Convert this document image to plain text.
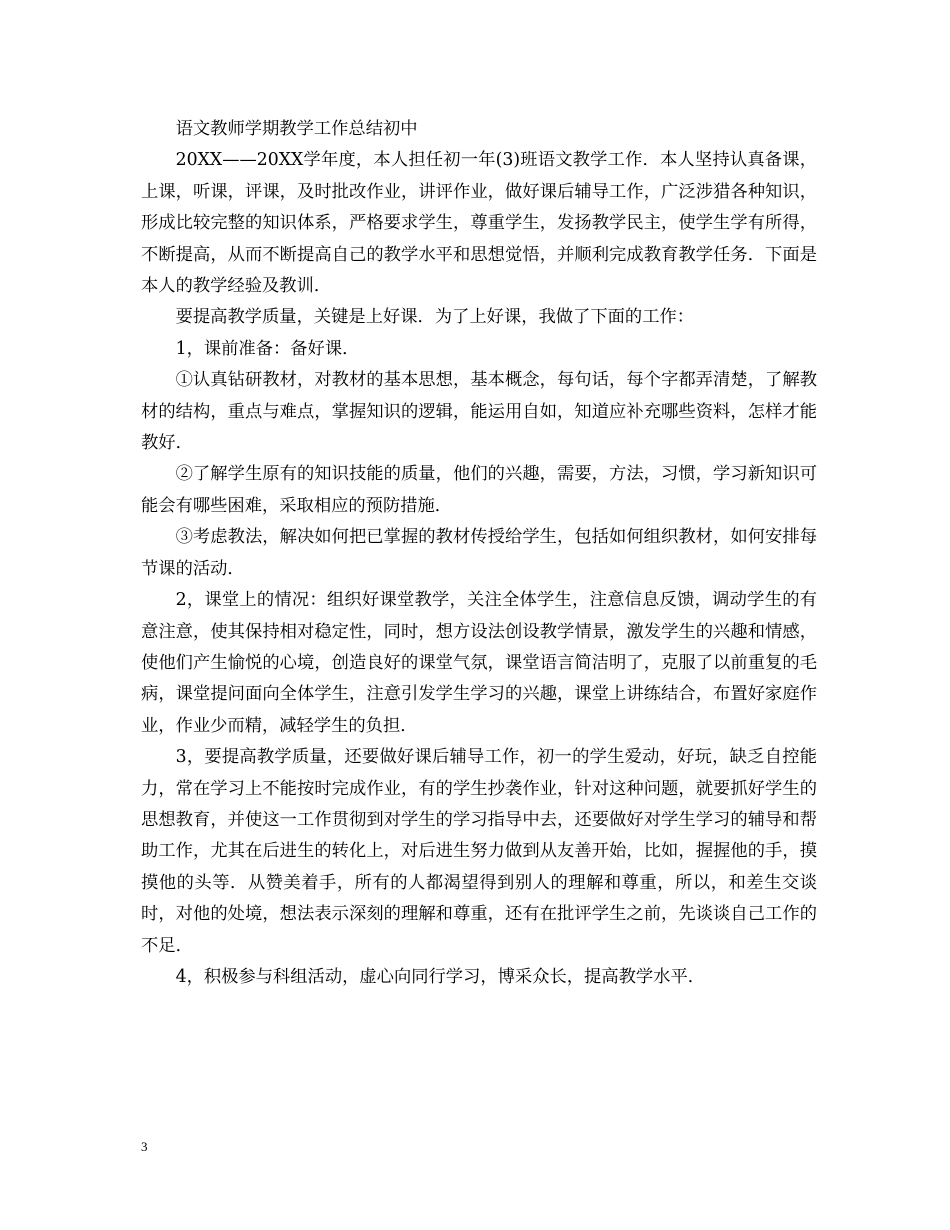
语文教师学期教学工作总结初中

20XX——20XX学年度，本人担任初一年(3)班语文教学工作．本人坚持认真备课，上课，听课，评课，及时批改作业，讲评作业，做好课后辅导工作，广泛涉猎各种知识，形成比较完整的知识体系，严格要求学生，尊重学生，发扬教学民主，使学生学有所得，不断提高，从而不断提高自己的教学水平和思想觉悟，并顺利完成教育教学任务．下面是本人的教学经验及教训．

要提高教学质量，关键是上好课．为了上好课，我做了下面的工作：

1，课前准备：备好课．

①认真钻研教材，对教材的基本思想，基本概念，每句话，每个字都弄清楚，了解教材的结构，重点与难点，掌握知识的逻辑，能运用自如，知道应补充哪些资料，怎样才能教好．

②了解学生原有的知识技能的质量，他们的兴趣，需要，方法，习惯，学习新知识可能会有哪些困难，采取相应的预防措施．

③考虑教法，解决如何把已掌握的教材传授给学生，包括如何组织教材，如何安排每节课的活动．

2，课堂上的情况：组织好课堂教学，关注全体学生，注意信息反馈，调动学生的有意注意，使其保持相对稳定性，同时，想方设法创设教学情景，激发学生的兴趣和情感，使他们产生愉悦的心境，创造良好的课堂气氛，课堂语言简洁明了，克服了以前重复的毛病，课堂提问面向全体学生，注意引发学生学习的兴趣，课堂上讲练结合，布置好家庭作业，作业少而精，减轻学生的负担．

3，要提高教学质量，还要做好课后辅导工作，初一的学生爱动，好玩，缺乏自控能力，常在学习上不能按时完成作业，有的学生抄袭作业，针对这种问题，就要抓好学生的思想教育，并使这一工作贯彻到对学生的学习指导中去，还要做好对学生学习的辅导和帮助工作，尤其在后进生的转化上，对后进生努力做到从友善开始，比如，握握他的手，摸摸他的头等．从赞美着手，所有的人都渴望得到别人的理解和尊重，所以，和差生交谈时，对他的处境，想法表示深刻的理解和尊重，还有在批评学生之前，先谈谈自己工作的不足．

4，积极参与科组活动，虚心向同行学习，博采众长，提高教学水平．

3
